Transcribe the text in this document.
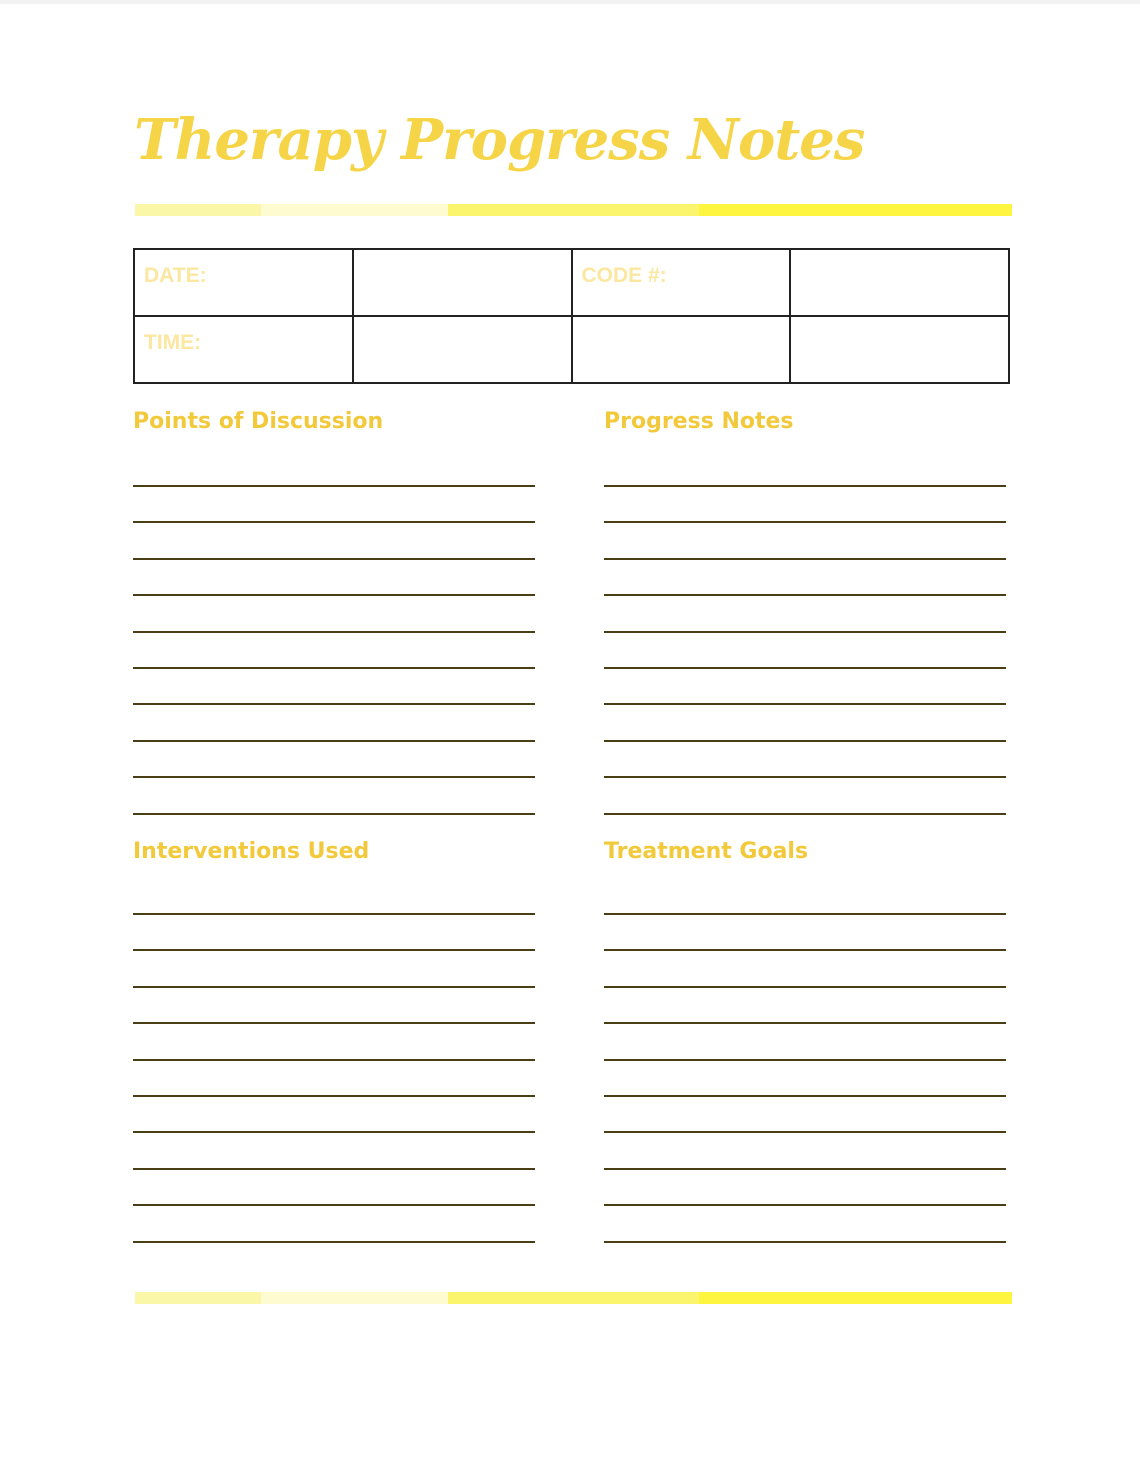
Therapy Progress Notes
DATE:		CODE #:	
TIME:			
Points of Discussion	Progress Notes
Interventions Used	Treatment Goals
